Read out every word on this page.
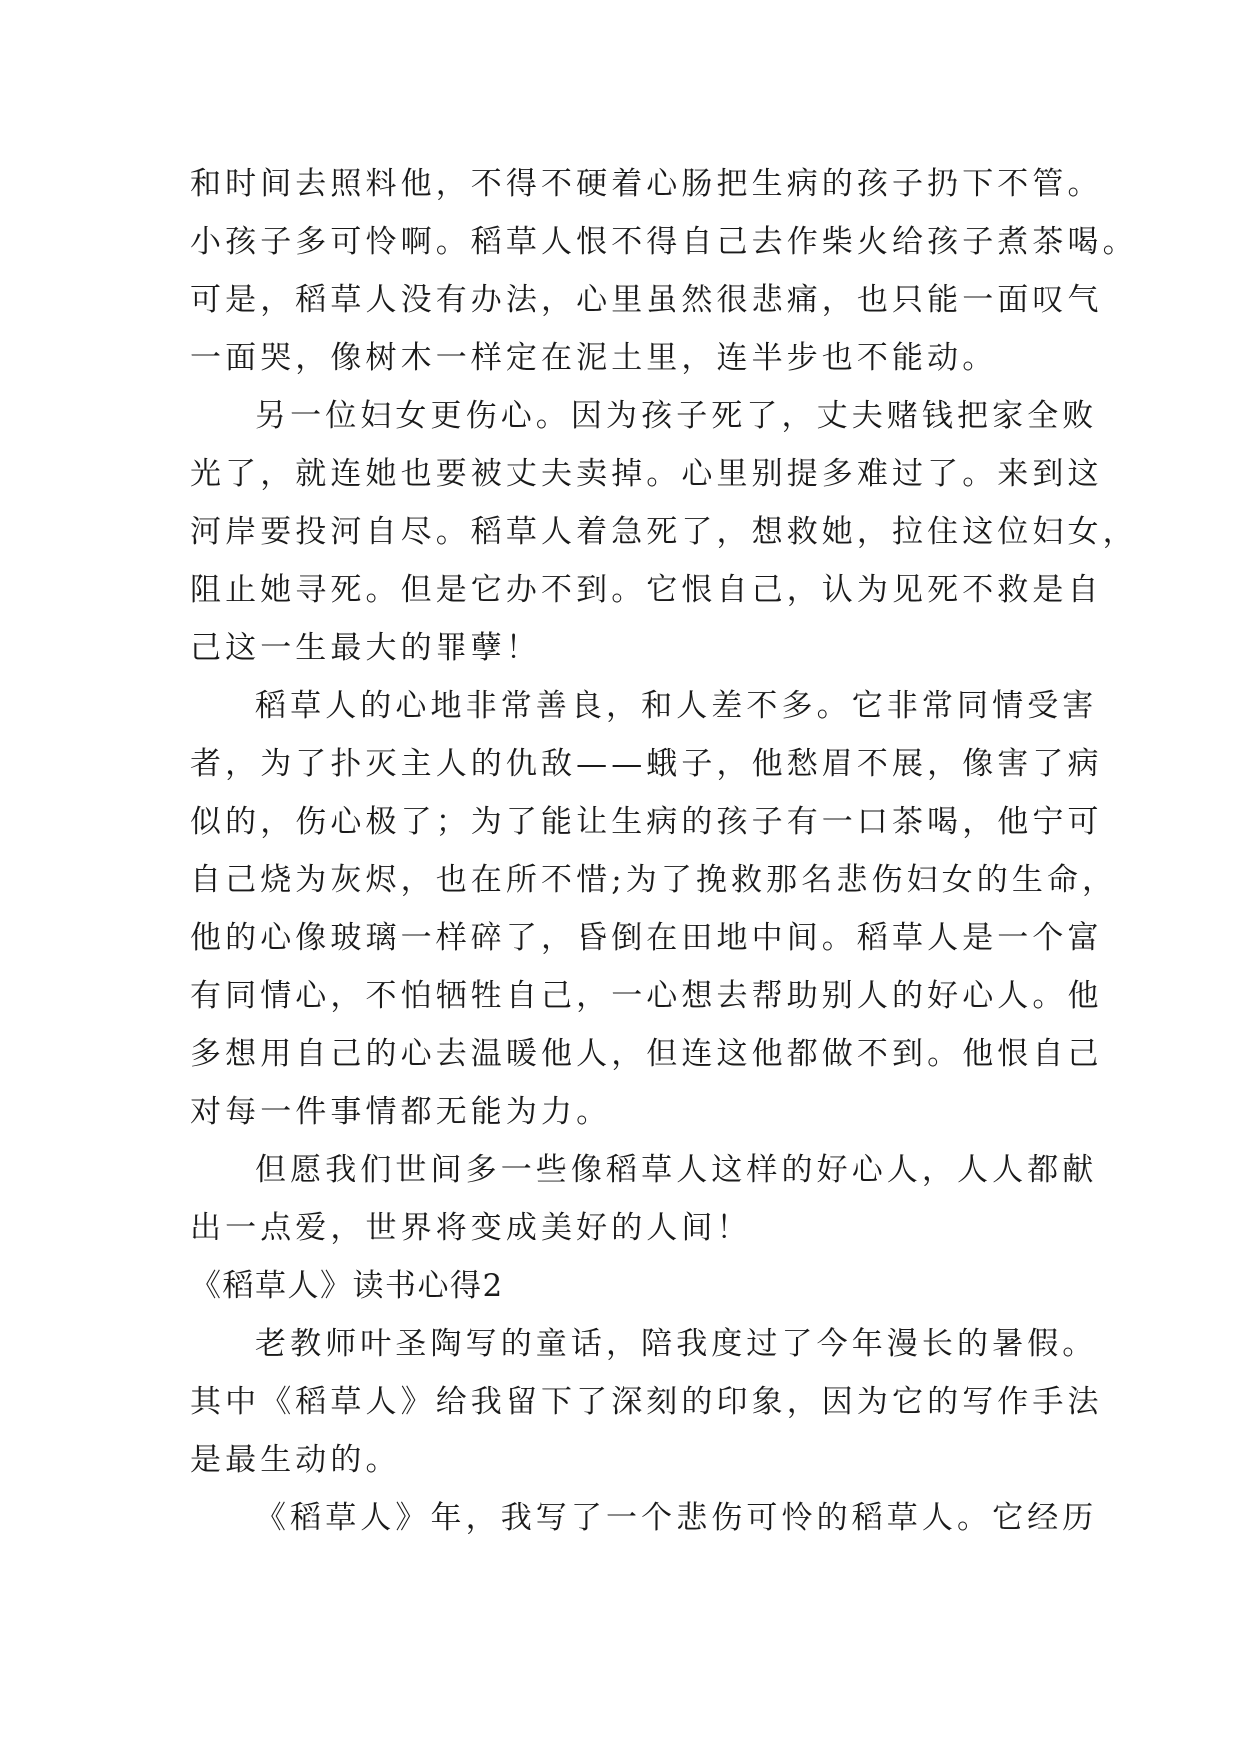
和时间去照料他，不得不硬着心肠把生病的孩子扔下不管。
小孩子多可怜啊。稻草人恨不得自己去作柴火给孩子煮茶喝。
可是，稻草人没有办法，心里虽然很悲痛，也只能一面叹气
一面哭，像树木一样定在泥土里，连半步也不能动。
另一位妇女更伤心。因为孩子死了，丈夫赌钱把家全败
光了，就连她也要被丈夫卖掉。心里别提多难过了。来到这
河岸要投河自尽。稻草人着急死了，想救她，拉住这位妇女，
阻止她寻死。但是它办不到。它恨自己，认为见死不救是自
己这一生最大的罪孽！
稻草人的心地非常善良，和人差不多。它非常同情受害
者，为了扑灭主人的仇敌——蛾子，他愁眉不展，像害了病
似的，伤心极了；为了能让生病的孩子有一口茶喝，他宁可
自己烧为灰烬，也在所不惜;为了挽救那名悲伤妇女的生命，
他的心像玻璃一样碎了，昏倒在田地中间。稻草人是一个富
有同情心，不怕牺牲自己，一心想去帮助别人的好心人。他
多想用自己的心去温暖他人，但连这他都做不到。他恨自己
对每一件事情都无能为力。
但愿我们世间多一些像稻草人这样的好心人，人人都献
出一点爱，世界将变成美好的人间！
《稻草人》读书心得2
老教师叶圣陶写的童话，陪我度过了今年漫长的暑假。
其中《稻草人》给我留下了深刻的印象，因为它的写作手法
是最生动的。
《稻草人》年，我写了一个悲伤可怜的稻草人。它经历
